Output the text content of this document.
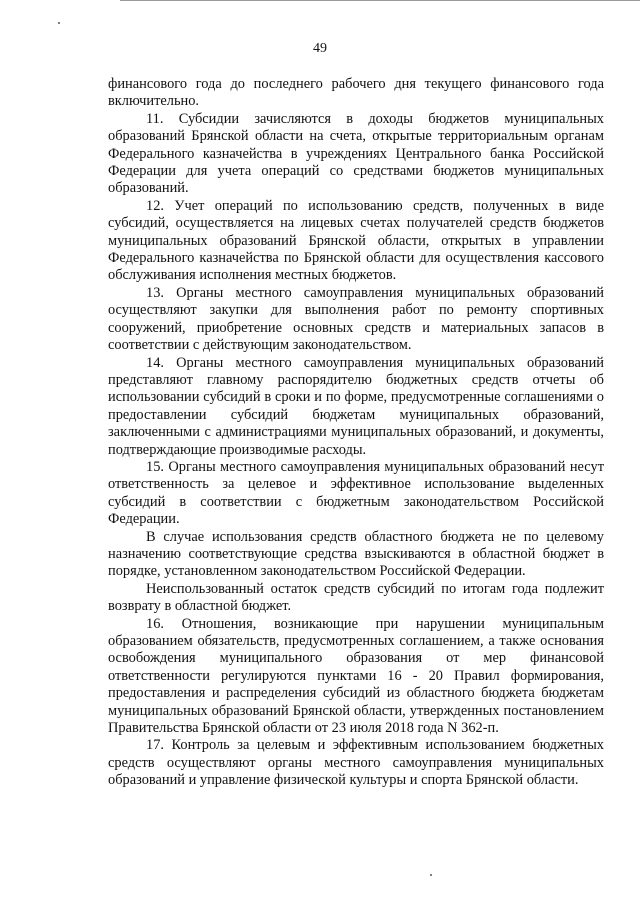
49

финансового года до последнего рабочего дня текущего финансового года включительно.

11. Субсидии зачисляются в доходы бюджетов муниципальных образований Брянской области на счета, открытые территориальным органам Федерального казначейства в учреждениях Центрального банка Российской Федерации для учета операций со средствами бюджетов муниципальных образований.

12. Учет операций по использованию средств, полученных в виде субсидий, осуществляется на лицевых счетах получателей средств бюджетов муниципальных образований Брянской области, открытых в управлении Федерального казначейства по Брянской области для осуществления кассового обслуживания исполнения местных бюджетов.

13. Органы местного самоуправления муниципальных образований осуществляют закупки для выполнения работ по ремонту спортивных сооружений, приобретение основных средств и материальных запасов в соответствии с действующим законодательством.

14. Органы местного самоуправления муниципальных образований представляют главному распорядителю бюджетных средств отчеты об использовании субсидий в сроки и по форме, предусмотренные соглашениями о предоставлении субсидий бюджетам муниципальных образований, заключенными с администрациями муниципальных образований, и документы, подтверждающие производимые расходы.

15. Органы местного самоуправления муниципальных образований несут ответственность за целевое и эффективное использование выделенных субсидий в соответствии с бюджетным законодательством Российской Федерации.

В случае использования средств областного бюджета не по целевому назначению соответствующие средства взыскиваются в областной бюджет в порядке, установленном законодательством Российской Федерации.

Неиспользованный остаток средств субсидий по итогам года подлежит возврату в областной бюджет.

16. Отношения, возникающие при нарушении муниципальным образованием обязательств, предусмотренных соглашением, а также основания освобождения муниципального образования от мер финансовой ответственности регулируются пунктами 16 - 20 Правил формирования, предоставления и распределения субсидий из областного бюджета бюджетам муниципальных образований Брянской области, утвержденных постановлением Правительства Брянской области от 23 июля 2018 года N 362-п.

17. Контроль за целевым и эффективным использованием бюджетных средств осуществляют органы местного самоуправления муниципальных образований и управление физической культуры и спорта Брянской области.
